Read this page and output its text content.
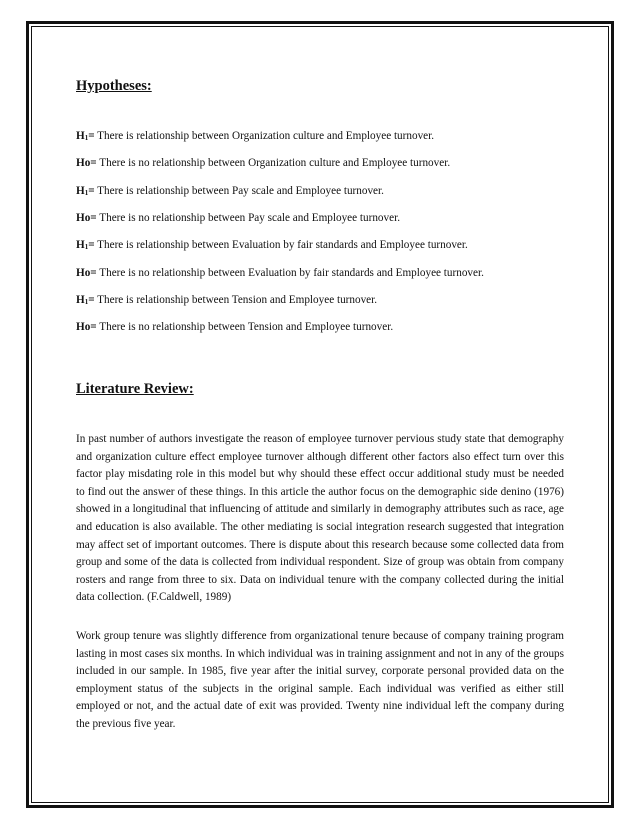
Hypotheses:
$H_1=$ There is relationship between Organization culture and Employee turnover.
Ho= There is no relationship between Organization culture and Employee turnover.
$H_1=$ There is relationship between Pay scale and Employee turnover.
Ho= There is no relationship between Pay scale and Employee turnover.
$H_1=$ There is relationship between Evaluation by fair standards and Employee turnover.
Ho= There is no relationship between Evaluation by fair standards and Employee turnover.
$H_1=$ There is relationship between Tension and Employee turnover.
Ho= There is no relationship between Tension and Employee turnover.
Literature Review:

In past number of authors investigate the reason of employee turnover pervious study state that demography and organization culture effect employee turnover although different other factors also effect turn over this factor play misdating role in this model but why should these effect occur additional study must be needed to find out the answer of these things. In this article the author focus on the demographic side denino (1976) showed in a longitudinal that influencing of attitude and similarly in demography attributes such as race, age and education is also available. The other mediating is social integration research suggested that integration may affect set of important outcomes. There is dispute about this research because some collected data from group and some of the data is collected from individual respondent. Size of group was obtain from company rosters and range from three to six. Data on individual tenure with the company collected during the initial data collection. (F.Caldwell, 1989)

Work group tenure was slightly difference from organizational tenure because of company training program lasting in most cases six months. In which individual was in training assignment and not in any of the groups included in our sample. In 1985, five year after the initial survey, corporate personal provided data on the employment status of the subjects in the original sample. Each individual was verified as either still employed or not, and the actual date of exit was provided. Twenty nine individual left the company during the previous five year.
